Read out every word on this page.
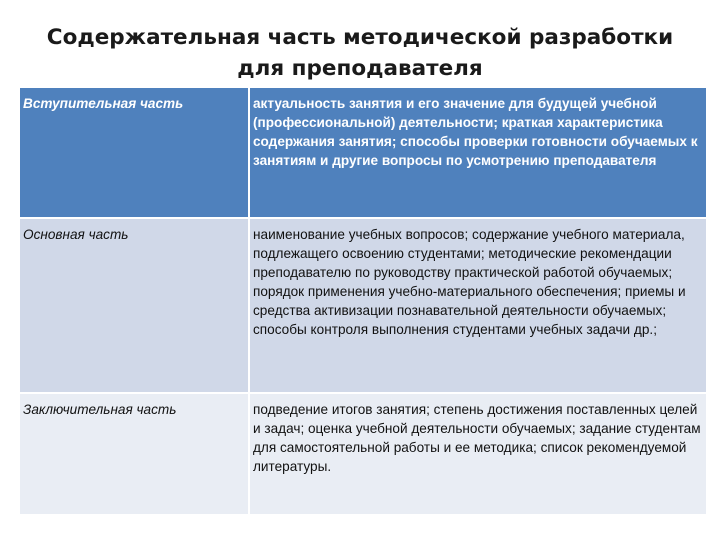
Содержательная часть методической разработки
для преподавателя
Вступительная часть	актуальность занятия и его значение для будущей учебной (профессиональной) деятельности; краткая характеристика содержания занятия; способы проверки готовности обучаемых к занятиям и другие вопросы по усмотрению преподавателя
Основная часть	наименование учебных вопросов; содержание учебного материала, подлежащего освоению студентами; методические рекомендации преподавателю по руководству практической работой обучаемых; порядок применения учебно-материального обеспечения; приемы и средства активизации познавательной деятельности обучаемых; способы контроля выполнения студентами учебных задачи др.;
Заключительная часть	подведение итогов занятия; степень достижения поставленных целей и задач; оценка учебной деятельности обучаемых; задание студентам для самостоятельной работы и ее методика; список рекомендуемой литературы.
